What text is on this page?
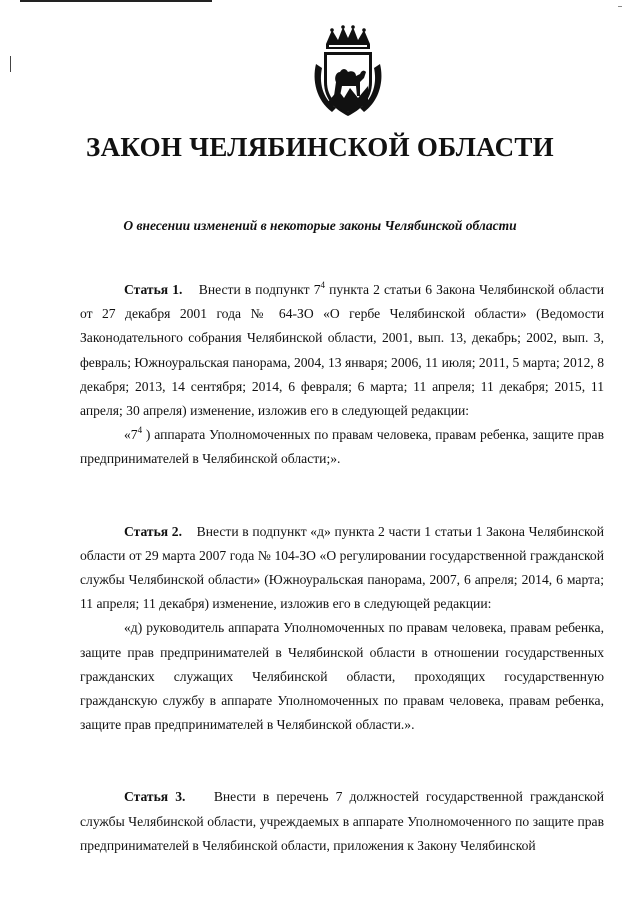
ЗАКОН ЧЕЛЯБИНСКОЙ ОБЛАСТИ
О внесении изменений в некоторые законы Челябинской области

Статья 1. Внести в подпункт $7^4$ пункта 2 статьи 6 Закона Челябинской области от 27 декабря 2001 года № 64-ЗО «О гербе Челябинской области» (Ведомости Законодательного собрания Челябинской области, 2001, вып. 13, декабрь; 2002, вып. 3, февраль; Южноуральская панорама, 2004, 13 января; 2006, 11 июля; 2011, 5 марта; 2012, 8 декабря; 2013, 14 сентября; 2014, 6 февраля; 6 марта; 11 апреля; 11 декабря; 2015, 11 апреля; 30 апреля) изменение, изложив его в следующей редакции:

«$7^4$ ) аппарата Уполномоченных по правам человека, правам ребенка, защите прав предпринимателей в Челябинской области;».

Статья 2. Внести в подпункт «д» пункта 2 части 1 статьи 1 Закона Челябинской области от 29 марта 2007 года № 104-ЗО «О регулировании государственной гражданской службы Челябинской области» (Южноуральская панорама, 2007, 6 апреля; 2014, 6 марта; 11 апреля; 11 декабря) изменение, изложив его в следующей редакции:

«д) руководитель аппарата Уполномоченных по правам человека, правам ребенка, защите прав предпринимателей в Челябинской области в отношении государственных гражданских служащих Челябинской области, проходящих государственную гражданскую службу в аппарате Уполномоченных по правам человека, правам ребенка, защите прав предпринимателей в Челябинской области.».

Статья 3. Внести в перечень 7 должностей государственной гражданской службы Челябинской области, учреждаемых в аппарате Уполномоченного по защите прав предпринимателей в Челябинской области, приложения к Закону Челябинской
